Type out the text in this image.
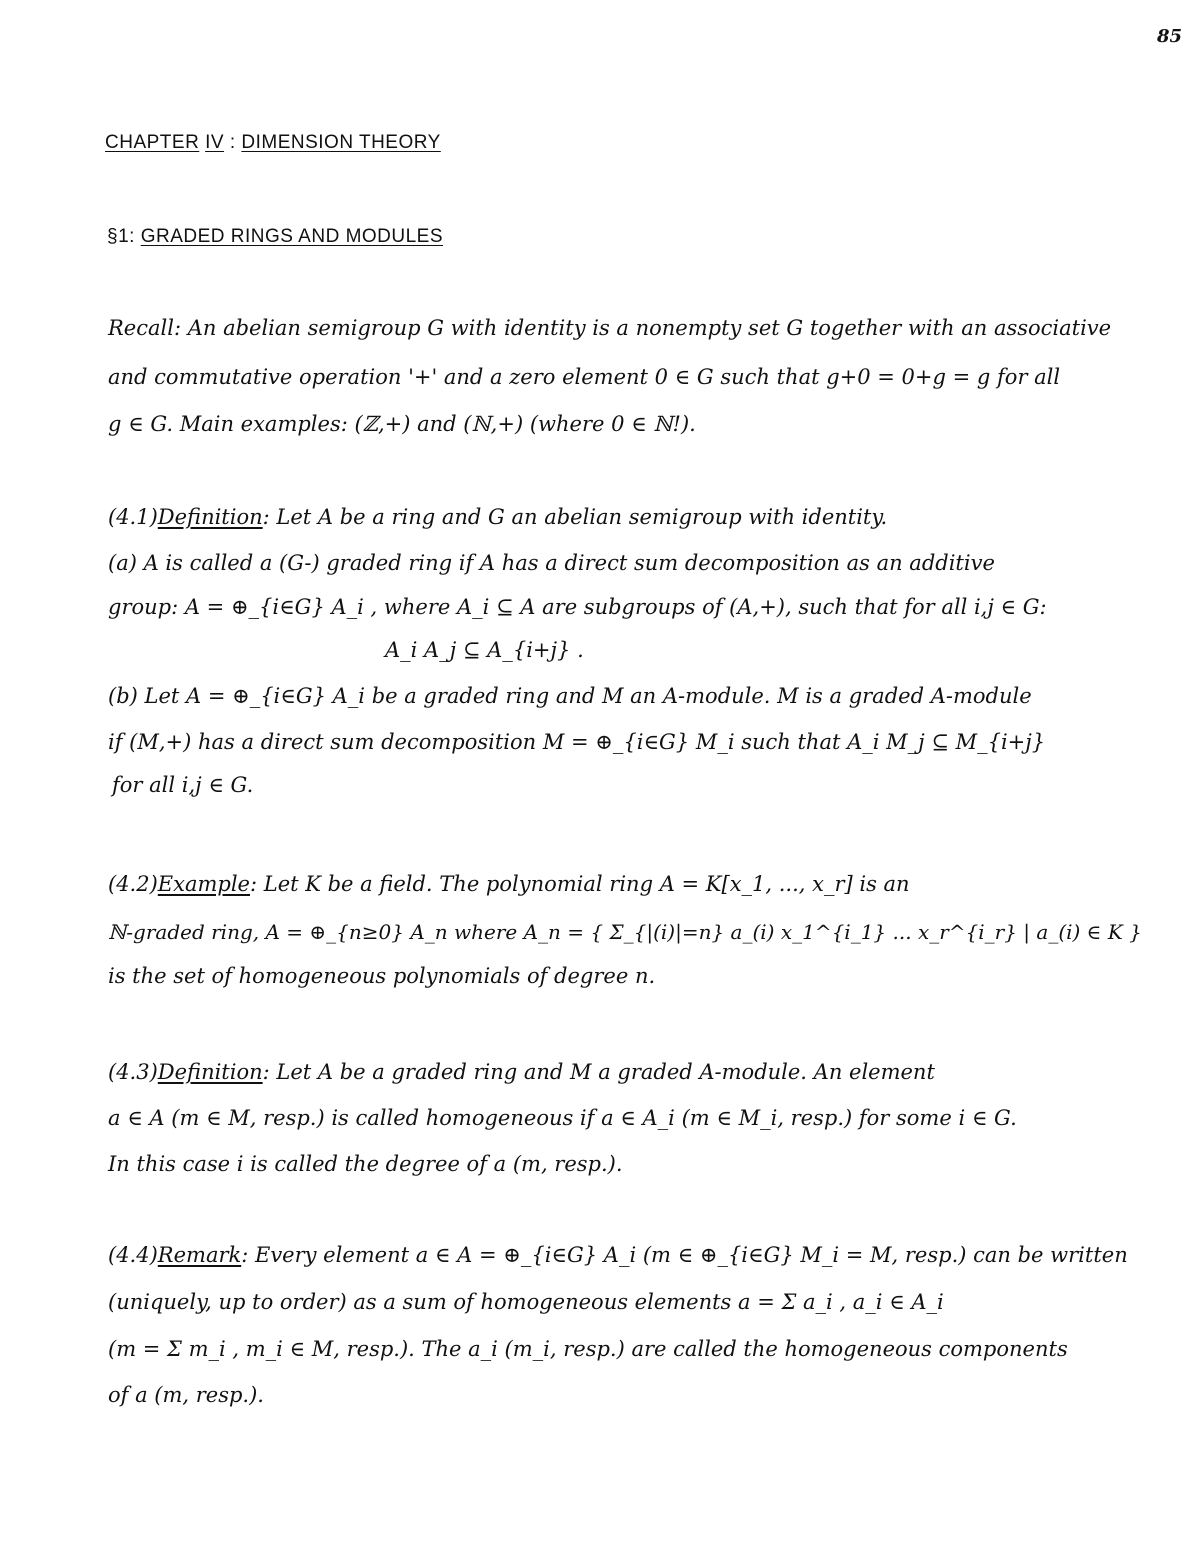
85
CHAPTER IV : DIMENSION THEORY
§1: GRADED RINGS AND MODULES
Recall: An abelian semigroup G with identity is a nonempty set G together with an associative
and commutative operation '+' and a zero element 0 ∈ G such that g+0 = 0+g = g for all
g ∈ G. Main examples: (ℤ,+) and (ℕ,+) (where 0 ∈ ℕ!).
(4.1)Definition: Let A be a ring and G an abelian semigroup with identity.
(a) A is called a (G-) graded ring if A has a direct sum decomposition as an additive
group: A = ⊕_{i∈G} A_i , where A_i ⊆ A are subgroups of (A,+), such that for all i,j ∈ G:
A_i A_j ⊆ A_{i+j} .
(b) Let A = ⊕_{i∈G} A_i be a graded ring and M an A-module. M is a graded A-module
if (M,+) has a direct sum decomposition M = ⊕_{i∈G} M_i such that A_i M_j ⊆ M_{i+j}
for all i,j ∈ G.
(4.2)Example: Let K be a field. The polynomial ring A = K[x_1, ..., x_r] is an
ℕ-graded ring, A = ⊕_{n≥0} A_n where A_n = { Σ_{|(i)|=n} a_(i) x_1^{i_1} ... x_r^{i_r} | a_(i) ∈ K }
is the set of homogeneous polynomials of degree n.
(4.3)Definition: Let A be a graded ring and M a graded A-module. An element
a ∈ A (m ∈ M, resp.) is called homogeneous if a ∈ A_i (m ∈ M_i, resp.) for some i ∈ G.
In this case i is called the degree of a (m, resp.).
(4.4)Remark: Every element a ∈ A = ⊕_{i∈G} A_i (m ∈ ⊕_{i∈G} M_i = M, resp.) can be written
(uniquely, up to order) as a sum of homogeneous elements a = Σ a_i , a_i ∈ A_i
(m = Σ m_i , m_i ∈ M, resp.). The a_i (m_i, resp.) are called the homogeneous components
of a (m, resp.).
